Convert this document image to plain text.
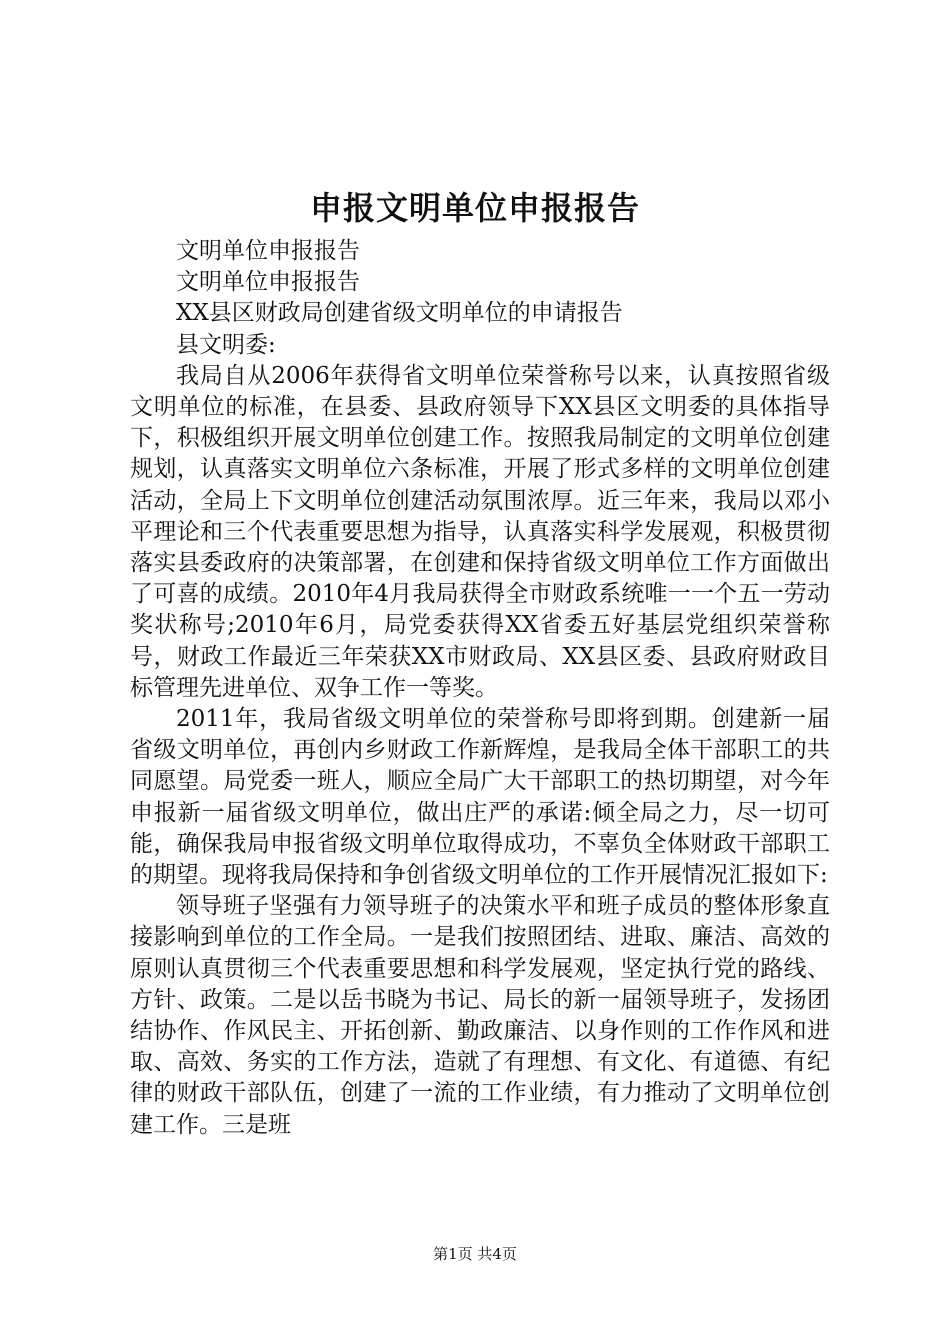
申报文明单位申报报告

文明单位申报报告

文明单位申报报告

XX县区财政局创建省级文明单位的申请报告

县文明委:

我局自从2006年获得省文明单位荣誉称号以来，认真按照省级文明单位的标准，在县委、县政府领导下XX县区文明委的具体指导下，积极组织开展文明单位创建工作。按照我局制定的文明单位创建规划，认真落实文明单位六条标准，开展了形式多样的文明单位创建活动，全局上下文明单位创建活动氛围浓厚。近三年来，我局以邓小平理论和三个代表重要思想为指导，认真落实科学发展观，积极贯彻落实县委政府的决策部署，在创建和保持省级文明单位工作方面做出了可喜的成绩。2010年4月我局获得全市财政系统唯一一个五一劳动奖状称号;2010年6月，局党委获得XX省委五好基层党组织荣誉称号，财政工作最近三年荣获XX市财政局、XX县区委、县政府财政目标管理先进单位、双争工作一等奖。

2011年，我局省级文明单位的荣誉称号即将到期。创建新一届省级文明单位，再创内乡财政工作新辉煌，是我局全体干部职工的共同愿望。局党委一班人，顺应全局广大干部职工的热切期望，对今年申报新一届省级文明单位，做出庄严的承诺:倾全局之力，尽一切可能，确保我局申报省级文明单位取得成功，不辜负全体财政干部职工的期望。现将我局保持和争创省级文明单位的工作开展情况汇报如下:

领导班子坚强有力领导班子的决策水平和班子成员的整体形象直接影响到单位的工作全局。一是我们按照团结、进取、廉洁、高效的原则认真贯彻三个代表重要思想和科学发展观，坚定执行党的路线、方针、政策。二是以岳书晓为书记、局长的新一届领导班子，发扬团结协作、作风民主、开拓创新、勤政廉洁、以身作则的工作作风和进取、高效、务实的工作方法，造就了有理想、有文化、有道德、有纪律的财政干部队伍，创建了一流的工作业绩，有力推动了文明单位创建工作。三是班

第1页 共4页
